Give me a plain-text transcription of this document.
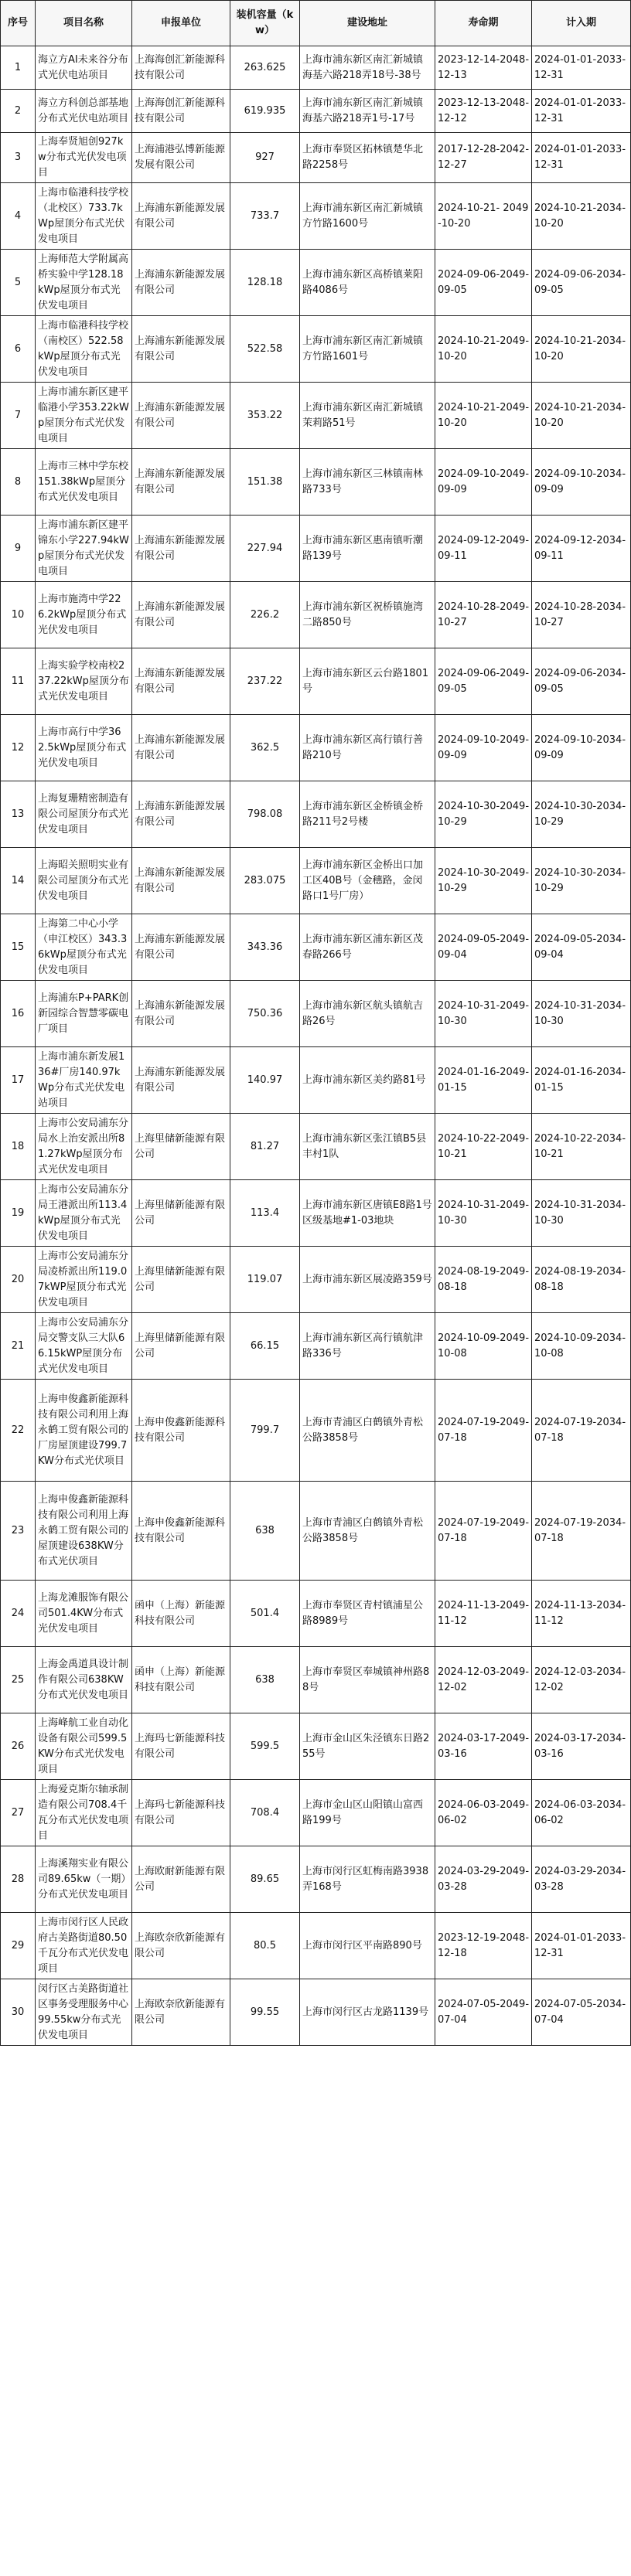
序号	项目名称	申报单位	装机容量（kw）	建设地址	寿命期	计入期
1	海立方AI未来谷分布式光伏电站项目	上海海创汇新能源科技有限公司	263.625	上海市浦东新区南汇新城镇海基六路218弄18号-38号	2023-12-14-2048-12-13	2024-01-01-2033-12-31
2	海立方科创总部基地分布式光伏电站项目	上海海创汇新能源科技有限公司	619.935	上海市浦东新区南汇新城镇海基六路218弄1号-17号	2023-12-13-2048-12-12	2024-01-01-2033-12-31
3	上海奉贤旭创927kw分布式光伏发电项目	上海浦港弘博新能源发展有限公司	927	上海市奉贤区拓林镇楚华北路2258号	2017-12-28-2042-12-27	2024-01-01-2033-12-31
4	上海市临港科技学校（北校区）733.7kWp屋顶分布式光伏发电项目	上海浦东新能源发展有限公司	733.7	上海市浦东新区南汇新城镇方竹路1600号	2024-10-21- 2049-10-20	2024-10-21-2034-10-20
5	上海师范大学附属高桥实验中学128.18kWp屋顶分布式光伏发电项目	上海浦东新能源发展有限公司	128.18	上海市浦东新区高桥镇莱阳路4086号	2024-09-06-2049-09-05	2024-09-06-2034-09-05
6	上海市临港科技学校（南校区）522.58kWp屋顶分布式光伏发电项目	上海浦东新能源发展有限公司	522.58	上海市浦东新区南汇新城镇方竹路1601号	2024-10-21-2049-10-20	2024-10-21-2034-10-20
7	上海市浦东新区建平临港小学353.22kWp屋顶分布式光伏发电项目	上海浦东新能源发展有限公司	353.22	上海市浦东新区南汇新城镇茉莉路51号	2024-10-21-2049-10-20	2024-10-21-2034-10-20
8	上海市三林中学东校151.38kWp屋顶分布式光伏发电项目	上海浦东新能源发展有限公司	151.38	上海市浦东新区三林镇南林路733号	2024-09-10-2049-09-09	2024-09-10-2034-09-09
9	上海市浦东新区建平锦东小学227.94kWp屋顶分布式光伏发电项目	上海浦东新能源发展有限公司	227.94	上海市浦东新区惠南镇听潮路139号	2024-09-12-2049-09-11	2024-09-12-2034-09-11
10	上海市施湾中学226.2kWp屋顶分布式光伏发电项目	上海浦东新能源发展有限公司	226.2	上海市浦东新区祝桥镇施湾二路850号	2024-10-28-2049-10-27	2024-10-28-2034-10-27
11	上海实验学校南校237.22kWp屋顶分布式光伏发电项目	上海浦东新能源发展有限公司	237.22	上海市浦东新区云台路1801号	2024-09-06-2049-09-05	2024-09-06-2034-09-05
12	上海市高行中学362.5kWp屋顶分布式光伏发电项目	上海浦东新能源发展有限公司	362.5	上海市浦东新区高行镇行善路210号	2024-09-10-2049-09-09	2024-09-10-2034-09-09
13	上海复珊精密制造有限公司屋顶分布式光伏发电项目	上海浦东新能源发展有限公司	798.08	上海市浦东新区金桥镇金桥路211号2号楼	2024-10-30-2049-10-29	2024-10-30-2034-10-29
14	上海昭关照明实业有限公司屋顶分布式光伏发电项目	上海浦东新能源发展有限公司	283.075	上海市浦东新区金桥出口加工区40B号（金穗路，金闵路口1号厂房）	2024-10-30-2049-10-29	2024-10-30-2034-10-29
15	上海第二中心小学（申江校区）343.36kWp屋顶分布式光伏发电项目	上海浦东新能源发展有限公司	343.36	上海市浦东新区浦东新区茂春路266号	2024-09-05-2049-09-04	2024-09-05-2034-09-04
16	上海浦东P+PARK创新园综合智慧零碳电厂项目	上海浦东新能源发展有限公司	750.36	上海市浦东新区航头镇航吉路26号	2024-10-31-2049-10-30	2024-10-31-2034-10-30
17	上海市浦东新发展136#厂房140.97kWp分布式光伏发电站项目	上海浦东新能源发展有限公司	140.97	上海市浦东新区美约路81号	2024-01-16-2049-01-15	2024-01-16-2034-01-15
18	上海市公安局浦东分局水上治安派出所81.27kWp屋顶分布式光伏发电项目	上海里储新能源有限公司	81.27	上海市浦东新区张江镇B5县丰村1队	2024-10-22-2049-10-21	2024-10-22-2034-10-21
19	上海市公安局浦东分局王港派出所113.4kWp屋顶分布式光伏发电项目	上海里储新能源有限公司	113.4	上海市浦东新区唐镇E8路1号区级基地#1-03地块	2024-10-31-2049-10-30	2024-10-31-2034-10-30
20	上海市公安局浦东分局凌桥派出所119.07kWP屋顶分布式光伏发电项目	上海里储新能源有限公司	119.07	上海市浦东新区展凌路359号	2024-08-19-2049-08-18	2024-08-19-2034-08-18
21	上海市公安局浦东分局交警支队三大队66.15kWP屋顶分布式光伏发电项目	上海里储新能源有限公司	66.15	上海市浦东新区高行镇航津路336号	2024-10-09-2049-10-08	2024-10-09-2034-10-08
22	上海申俊鑫新能源科技有限公司利用上海永鹤工贸有限公司的厂房屋顶建设799.7KW分布式光伏项目	上海申俊鑫新能源科技有限公司	799.7	上海市青浦区白鹤镇外青松公路3858号	2024-07-19-2049-07-18	2024-07-19-2034-07-18
23	上海申俊鑫新能源科技有限公司利用上海永鹤工贸有限公司的屋顶建设638KW分布式光伏项目	上海申俊鑫新能源科技有限公司	638	上海市青浦区白鹤镇外青松公路3858号	2024-07-19-2049-07-18	2024-07-19-2034-07-18
24	上海龙滩服饰有限公司501.4KW分布式光伏发电项目	函申（上海）新能源科技有限公司	501.4	上海市奉贤区青村镇浦星公路8989号	2024-11-13-2049-11-12	2024-11-13-2034-11-12
25	上海金禹道具设计制作有限公司638KW分布式光伏发电项目	函申（上海）新能源科技有限公司	638	上海市奉贤区奉城镇神州路88号	2024-12-03-2049-12-02	2024-12-03-2034-12-02
26	上海峰航工业自动化设备有限公司599.5KW分布式光伏发电项目	上海玛七新能源科技有限公司	599.5	上海市金山区朱泾镇东日路255号	2024-03-17-2049-03-16	2024-03-17-2034-03-16
27	上海爱克斯尔轴承制造有限公司708.4千瓦分布式光伏发电项目	上海玛七新能源科技有限公司	708.4	上海市金山区山阳镇山富西路199号	2024-06-03-2049-06-02	2024-06-03-2034-06-02
28	上海溪翔实业有限公司89.65kw（一期）分布式光伏发电项目	上海欧耐新能源有限公司	89.65	上海市闵行区虹梅南路3938弄168号	2024-03-29-2049-03-28	2024-03-29-2034-03-28
29	上海市闵行区人民政府古美路街道80.50千瓦分布式光伏发电项目	上海欧奈欣新能源有限公司	80.5	上海市闵行区平南路890号	2023-12-19-2048-12-18	2024-01-01-2033-12-31
30	闵行区古美路街道社区事务受理服务中心99.55kw分布式光伏发电项目	上海欧奈欣新能源有限公司	99.55	上海市闵行区古龙路1139号	2024-07-05-2049-07-04	2024-07-05-2034-07-04
